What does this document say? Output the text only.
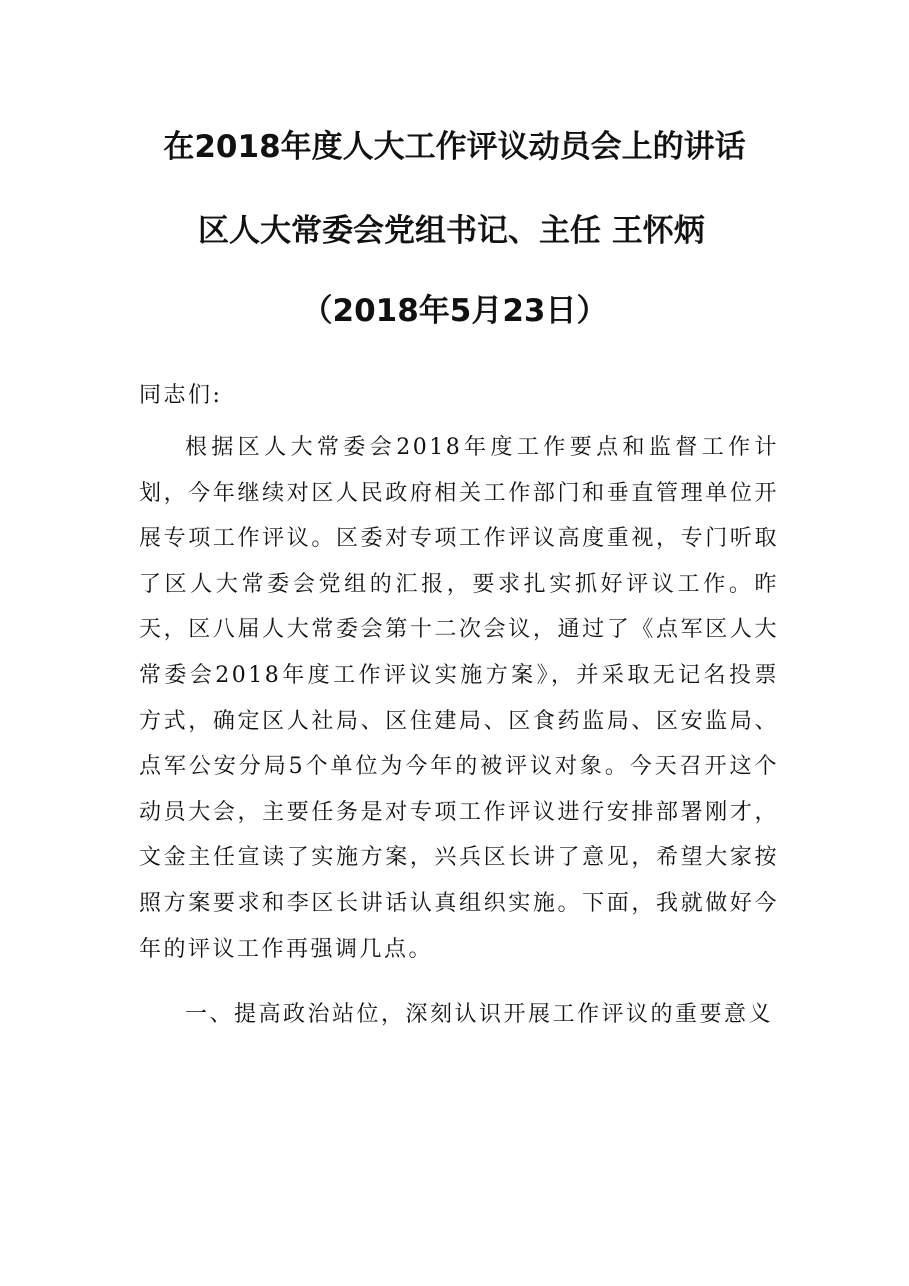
在2018年度人大工作评议动员会上的讲话
区人大常委会党组书记、主任 王怀炳
（2018年5月23日）
同志们:

根据区人大常委会2018年度工作要点和监督工作计划，今年继续对区人民政府相关工作部门和垂直管理单位开展专项工作评议。区委对专项工作评议高度重视，专门听取了区人大常委会党组的汇报，要求扎实抓好评议工作。昨天，区八届人大常委会第十二次会议，通过了《点军区人大常委会2018年度工作评议实施方案》，并采取无记名投票方式，确定区人社局、区住建局、区食药监局、区安监局、点军公安分局5个单位为今年的被评议对象。今天召开这个动员大会，主要任务是对专项工作评议进行安排部署刚才，文金主任宣读了实施方案，兴兵区长讲了意见，希望大家按照方案要求和李区长讲话认真组织实施。下面，我就做好今年的评议工作再强调几点。

一、提高政治站位，深刻认识开展工作评议的重要意义
